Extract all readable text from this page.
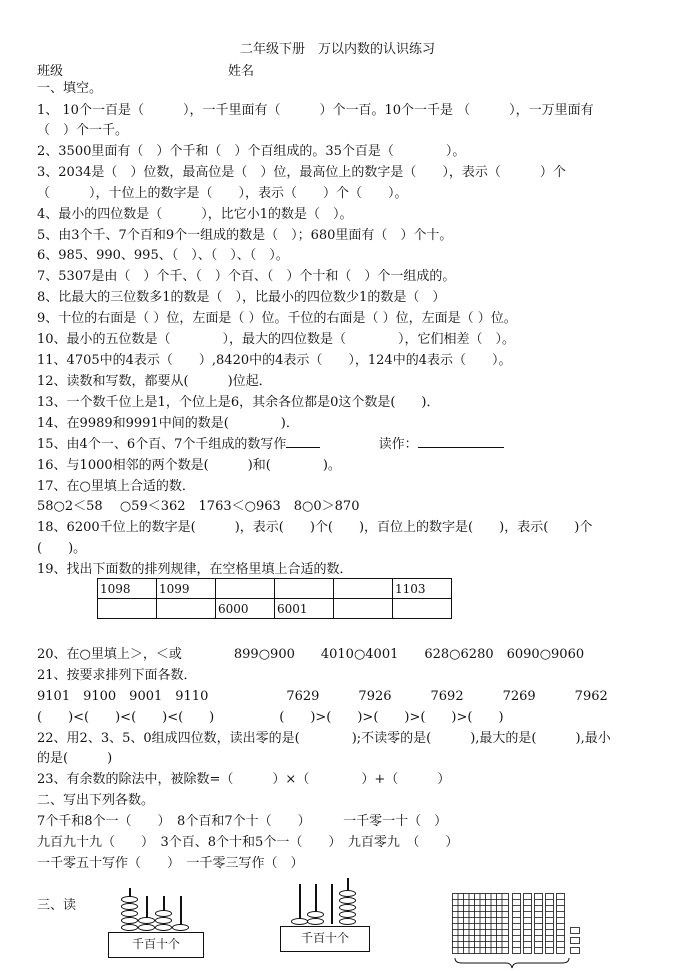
二年级下册　万以内数的认识练习
班级	姓名
一、填空。
1、 10个一百是（　　　），一千里面有（　　　）个一百。10个一千是 （　　　），一万里面有
（　）个一千。
2、3500里面有（　）个千和（　）个百组成的。35个百是（　　　　）。
3、2034是（　）位数，最高位是（　）位，最高位上的数字是（　　），表示（　　　）个
（　　　），十位上的数字是（　　），表示（　　）个（　　）。
4、最小的四位数是（　　　），比它小1的数是（　）。
5、由3个千、7个百和9个一组成的数是（　）；680里面有（　）个十。
6、985、990、995、（　）、（　）、（　）。
7、5307是由（　）个千、（　）个百、（　）个十和（　）个一组成的。
8、比最大的三位数多1的数是（　），比最小的四位数少1的数是（　）
9、十位的右面是（ ）位，左面是（ ）位。千位的右面是（ ）位，左面是（ ）位。
10、最小的五位数是（　　　　），最大的四位数是（　　　　），它们相差（　）。
11、4705中的4表示（　　）,8420中的4表示（　　），124中的4表示（　　）。
12、读数和写数，都要从(　　　)位起．
13、一个数千位上是1，个位上是6，其余各位都是0这个数是(　　)．
14、在9989和9991中间的数是(　　　　)．
15、由4个一、6个百、7个千组成的数写作	读作：
16、与1000相邻的两个数是(　　　)和(　　　　)。
17、在○里填上合适的数．
58○2＜58　 ○59＜362　1763＜○963　8○0＞870
18、6200千位上的数字是(　　　)，表示(　　)个(　　)，百位上的数字是(　　)，表示(　　)个
(　　)。
19、找出下面数的排列规律，在空格里填上合适的数．
1098	1099				1103
		6000	6001		
20、在○里填上＞，＜或　　　　899○900　　4010○4001　　628○6280　6090○9060
21、按要求排列下面各数．
9101　9100　9001　9110　　　　　　7629　　　7926　　　7692　　　7269　　　7962
(　　)<(　　)<(　　)<(　　)　　　　　(　　)>(　　)>(　　)>(　　)>(　　)
22、用2、3、5、0组成四位数，读出零的是(　　　　);不读零的是(　　　),最大的是(　　　),最小
的是(　　　)
23、有余数的除法中，被除数=（　　　）×（　　　　）+（　　　）
二、写出下列各数。
7个千和8个一（　　）　8个百和7个十（　　）　　　一千零一十（　）
九百九十九（　　）　3个百、8个十和5个一（　　）　九百零九　（　　）
一千零五十写作（　　）　一千零三写作（　）
三、读
千百十个	千百十个
